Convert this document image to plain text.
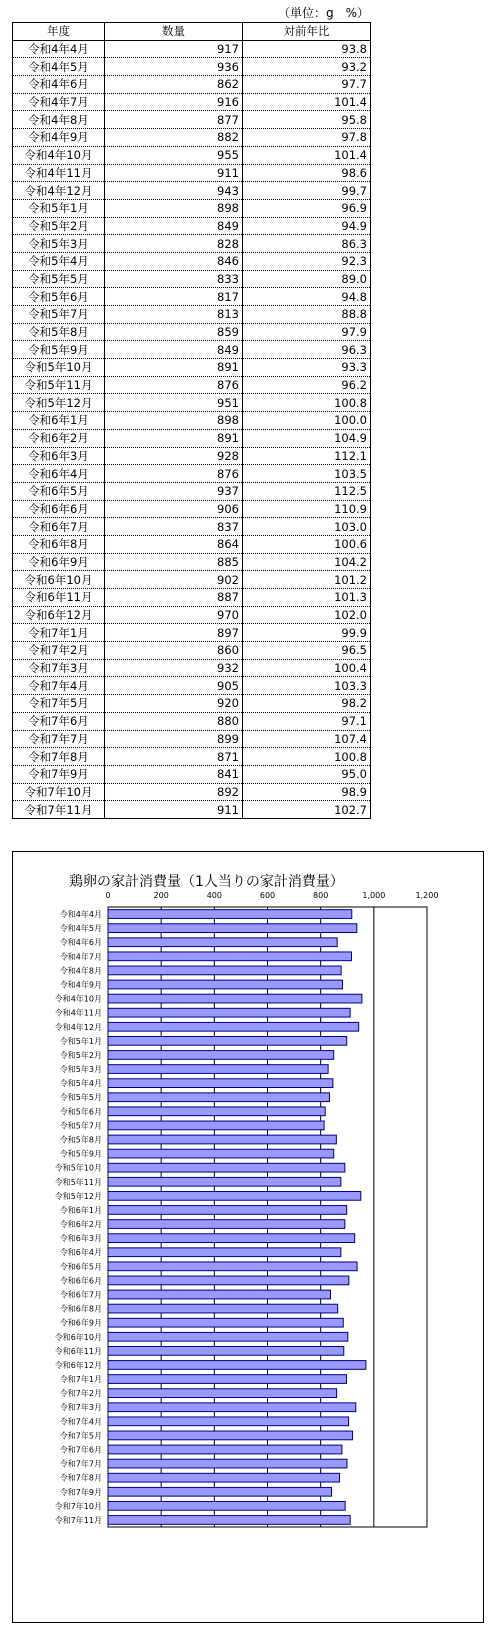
（単位：g　%）
年度	数量	対前年比
令和4年4月	917	93.8
令和4年5月	936	93.2
令和4年6月	862	97.7
令和4年7月	916	101.4
令和4年8月	877	95.8
令和4年9月	882	97.8
令和4年10月	955	101.4
令和4年11月	911	98.6
令和4年12月	943	99.7
令和5年1月	898	96.9
令和5年2月	849	94.9
令和5年3月	828	86.3
令和5年4月	846	92.3
令和5年5月	833	89.0
令和5年6月	817	94.8
令和5年7月	813	88.8
令和5年8月	859	97.9
令和5年9月	849	96.3
令和5年10月	891	93.3
令和5年11月	876	96.2
令和5年12月	951	100.8
令和6年1月	898	100.0
令和6年2月	891	104.9
令和6年3月	928	112.1
令和6年4月	876	103.5
令和6年5月	937	112.5
令和6年6月	906	110.9
令和6年7月	837	103.0
令和6年8月	864	100.6
令和6年9月	885	104.2
令和6年10月	902	101.2
令和6年11月	887	101.3
令和6年12月	970	102.0
令和7年1月	897	99.9
令和7年2月	860	96.5
令和7年3月	932	100.4
令和7年4月	905	103.3
令和7年5月	920	98.2
令和7年6月	880	97.1
令和7年7月	899	107.4
令和7年8月	871	100.8
令和7年9月	841	95.0
令和7年10月	892	98.9
令和7年11月	911	102.7
鶏卵の家計消費量（1人当りの家計消費量）
0	200	400	600	800	1,000	1,200
令和4年4月
令和4年5月
令和4年6月
令和4年7月
令和4年8月
令和4年9月
令和4年10月
令和4年11月
令和4年12月
令和5年1月
令和5年2月
令和5年3月
令和5年4月
令和5年5月
令和5年6月
令和5年7月
令和5年8月
令和5年9月
令和5年10月
令和5年11月
令和5年12月
令和6年1月
令和6年2月
令和6年3月
令和6年4月
令和6年5月
令和6年6月
令和6年7月
令和6年8月
令和6年9月
令和6年10月
令和6年11月
令和6年12月
令和7年1月
令和7年2月
令和7年3月
令和7年4月
令和7年5月
令和7年6月
令和7年7月
令和7年8月
令和7年9月
令和7年10月
令和7年11月
